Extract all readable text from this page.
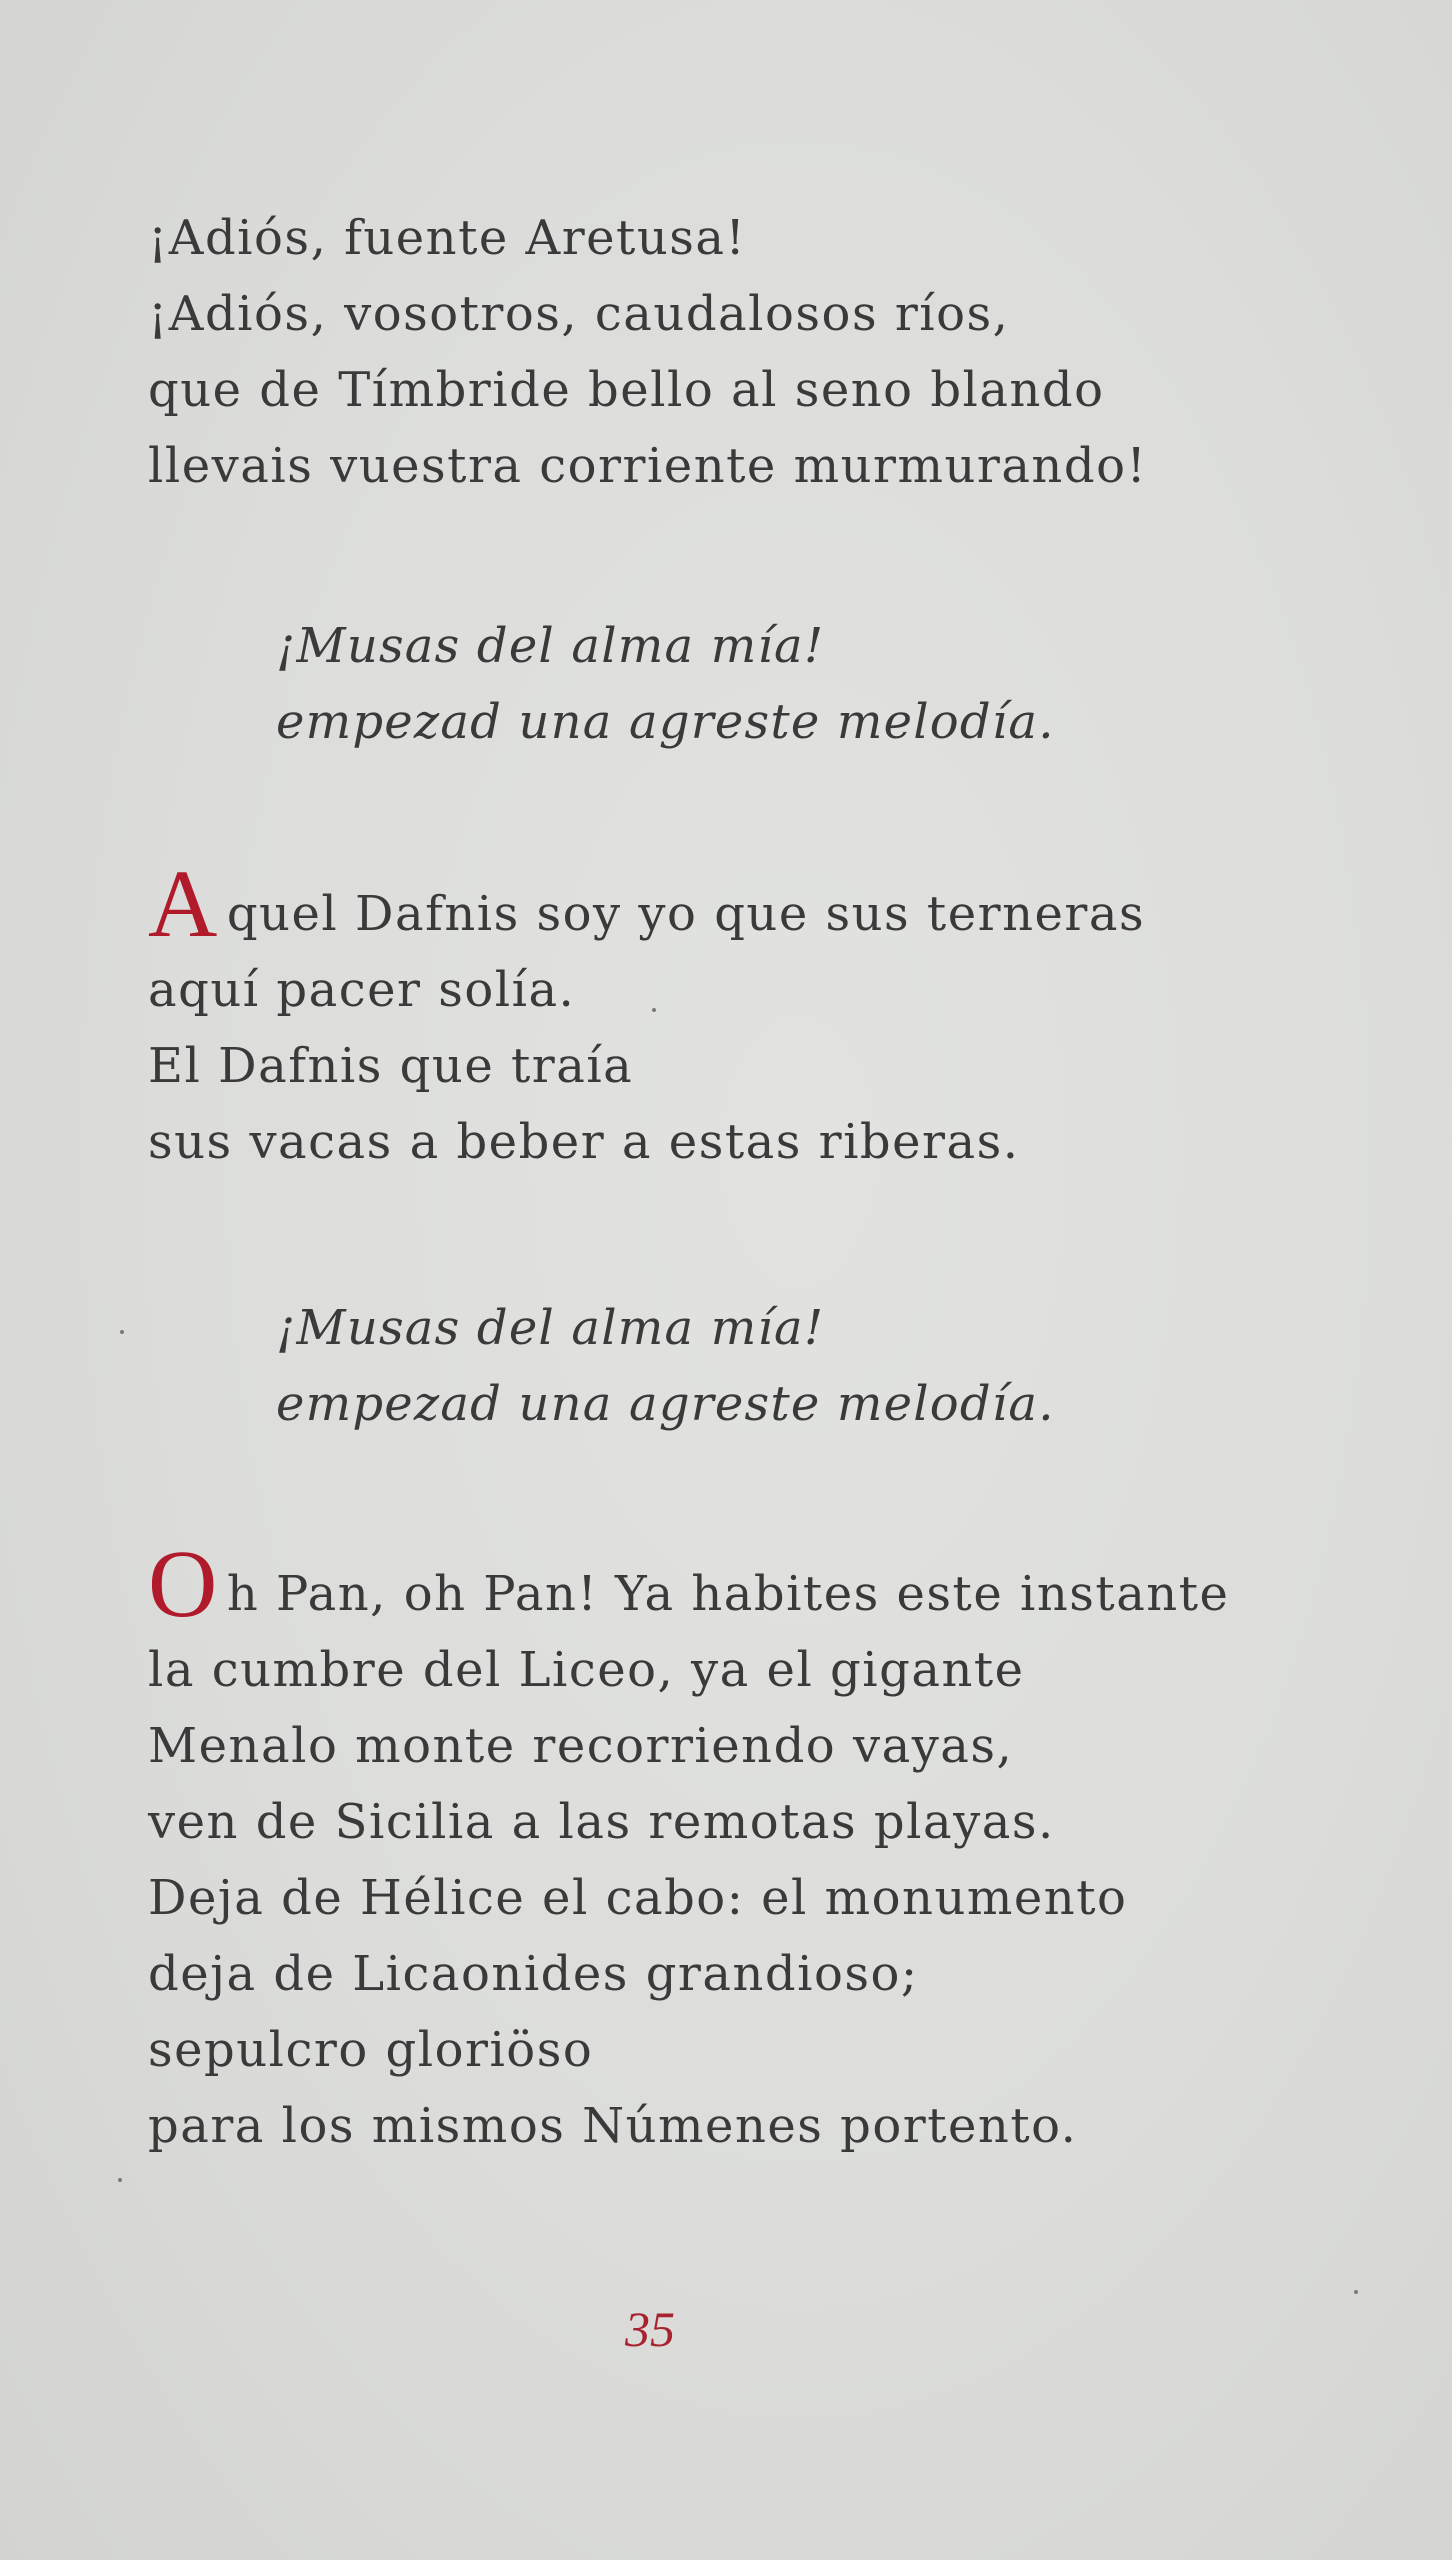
¡Adiós, fuente Aretusa!
¡Adiós, vosotros, caudalosos ríos,
que de Tímbride bello al seno blando
llevais vuestra corriente murmurando!
¡Musas del alma mía!
empezad una agreste melodía.
Aquel Dafnis soy yo que sus terneras
aquí pacer solía.
El Dafnis que traía
sus vacas a beber a estas riberas.
¡Musas del alma mía!
empezad una agreste melodía.
Oh Pan, oh Pan! Ya habites este instante
la cumbre del Liceo, ya el gigante
Menalo monte recorriendo vayas,
ven de Sicilia a las remotas playas.
Deja de Hélice el cabo: el monumento
deja de Licaonides grandioso;
sepulcro gloriöso
para los mismos Númenes portento.
35
